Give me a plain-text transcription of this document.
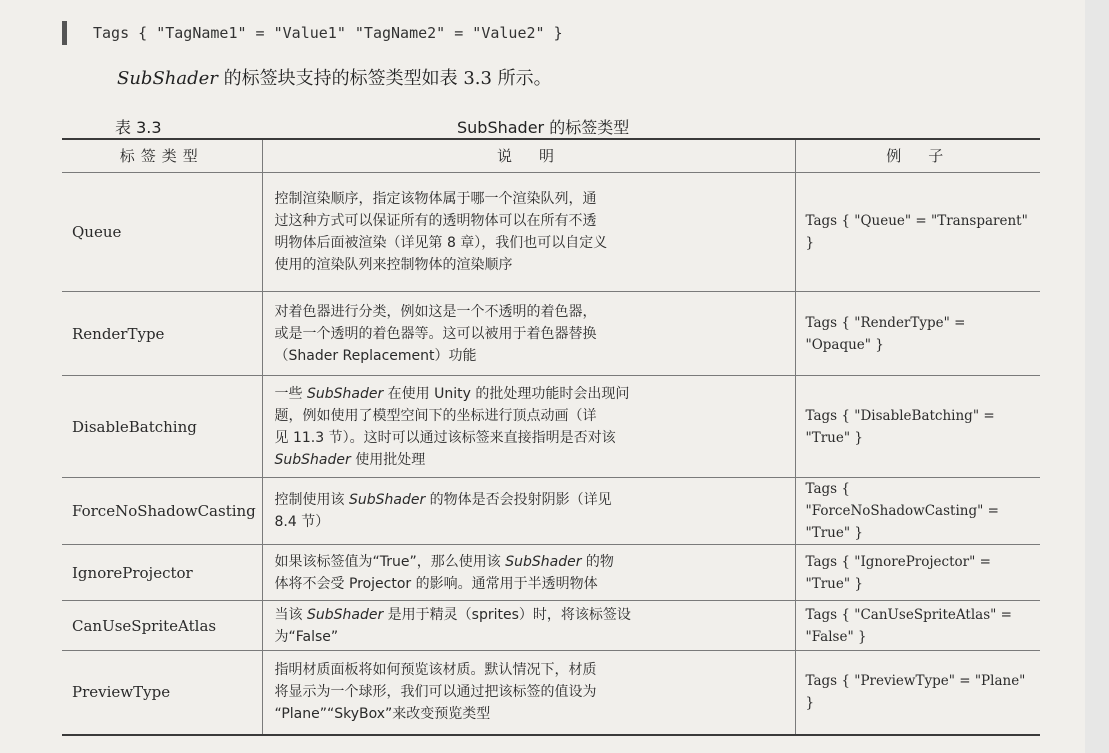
Tags { "TagName1" = "Value1" "TagName2" = "Value2" }
SubShader 的标签块支持的标签类型如表 3.3 所示。
表 3.3	SubShader 的标签类型
标签类型	说　明	例　子
Queue	控制渲染顺序，指定该物体属于哪一个渲染队列，通
过这种方式可以保证所有的透明物体可以在所有不透
明物体后面被渲染（详见第 8 章），我们也可以自定义
使用的渲染队列来控制物体的渲染顺序	Tags { "Queue" = "Transparent" }
RenderType	对着色器进行分类，例如这是一个不透明的着色器，
或是一个透明的着色器等。这可以被用于着色器替换
（Shader Replacement）功能	Tags { "RenderType" = "Opaque" }
DisableBatching	一些 SubShader 在使用 Unity 的批处理功能时会出现问
题，例如使用了模型空间下的坐标进行顶点动画（详
见 11.3 节）。这时可以通过该标签来直接指明是否对该
SubShader 使用批处理	Tags { "DisableBatching" = "True" }
ForceNoShadowCasting	控制使用该 SubShader 的物体是否会投射阴影（详见
8.4 节）	Tags { "ForceNoShadowCasting" = "True" }
IgnoreProjector	如果该标签值为“True”，那么使用该 SubShader 的物
体将不会受 Projector 的影响。通常用于半透明物体	Tags { "IgnoreProjector" = "True" }
CanUseSpriteAtlas	当该 SubShader 是用于精灵（sprites）时，将该标签设
为“False”	Tags { "CanUseSpriteAtlas" = "False" }
PreviewType	指明材质面板将如何预览该材质。默认情况下，材质
将显示为一个球形，我们可以通过把该标签的值设为
“Plane”“SkyBox”来改变预览类型	Tags { "PreviewType" = "Plane" }
